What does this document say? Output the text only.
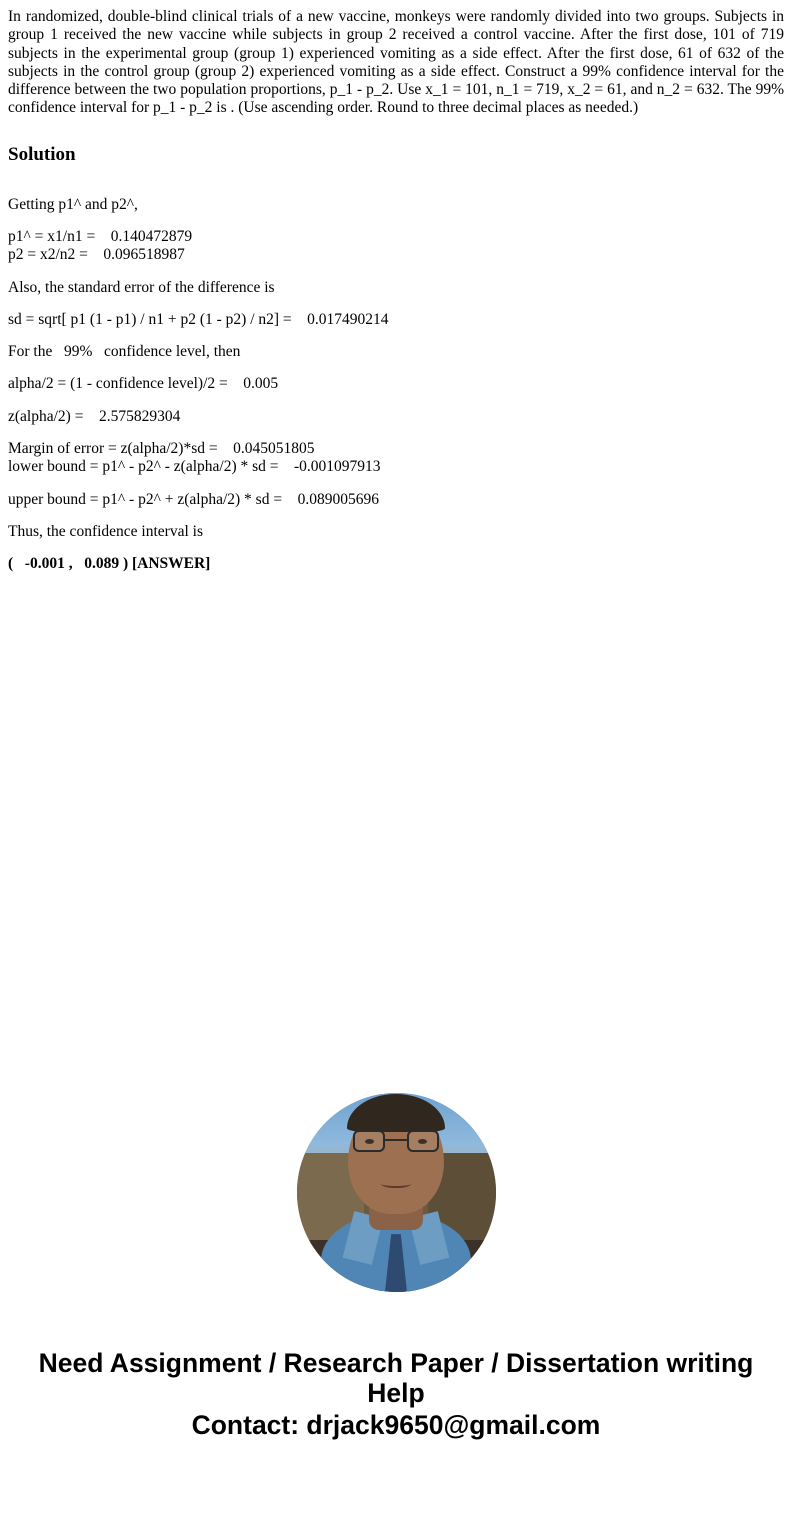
In randomized, double-blind clinical trials of a new vaccine, monkeys were randomly divided into two groups. Subjects in group 1 received the new vaccine while subjects in group 2 received a control vaccine. After the first dose, 101 of 719 subjects in the experimental group (group 1) experienced vomiting as a side effect. After the first dose, 61 of 632 of the subjects in the control group (group 2) experienced vomiting as a side effect. Construct a 99% confidence interval for the difference between the two population proportions, p_1 - p_2. Use x_1 = 101, n_1 = 719, x_2 = 61, and n_2 = 632. The 99% confidence interval for p_1 - p_2 is . (Use ascending order. Round to three decimal places as needed.)

Solution

Getting p1^ and p2^,

p1^ = x1/n1 =    0.140472879

p2 = x2/n2 =    0.096518987

Also, the standard error of the difference is

sd = sqrt[ p1 (1 - p1) / n1 + p2 (1 - p2) / n2] =    0.017490214

For the   99%   confidence level, then

alpha/2 = (1 - confidence level)/2 =    0.005

z(alpha/2) =    2.575829304

Margin of error = z(alpha/2)*sd =    0.045051805

lower bound = p1^ - p2^ - z(alpha/2) * sd =    -0.001097913

upper bound = p1^ - p2^ + z(alpha/2) * sd =    0.089005696

Thus, the confidence interval is

(   -0.001 ,   0.089 ) [ANSWER]

Need Assignment / Research Paper / Dissertation writing Help
Contact: drjack9650@gmail.com
